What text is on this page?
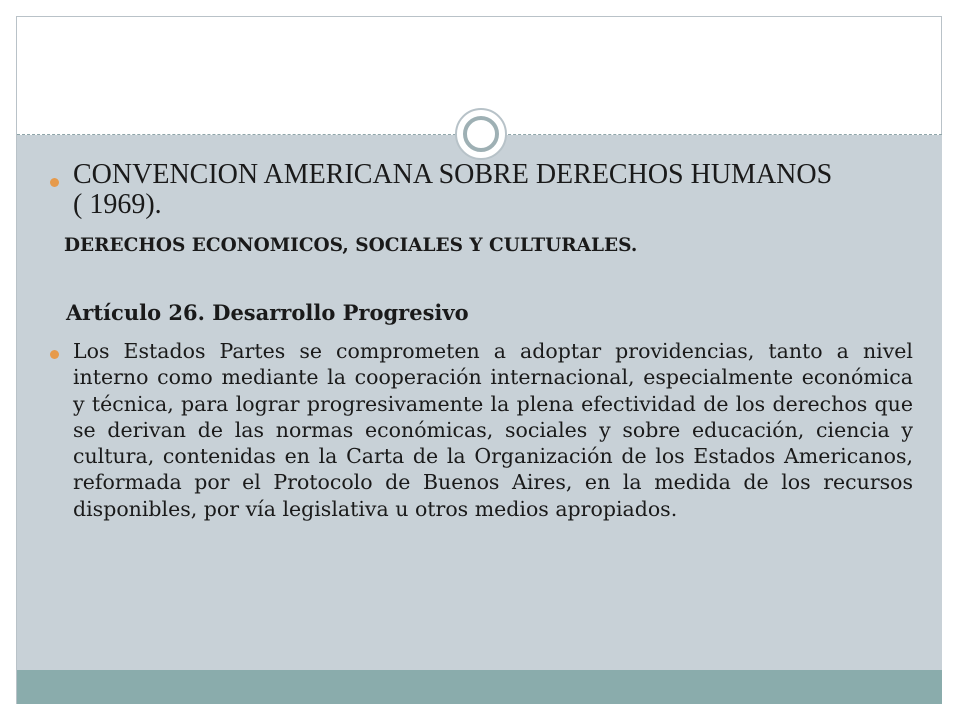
CONVENCION AMERICANA SOBRE DERECHOS HUMANOS ( 1969).
DERECHOS ECONOMICOS, SOCIALES Y CULTURALES.
Artículo 26. Desarrollo Progresivo
Los Estados Partes se comprometen a adoptar providencias, tanto a nivel interno como mediante la cooperación internacional, especialmente económica y técnica, para lograr progresivamente la plena efectividad de los derechos que se derivan de las normas económicas, sociales y sobre educación, ciencia y cultura, contenidas en la Carta de la Organización de los Estados Americanos, reformada por el Protocolo de Buenos Aires, en la medida de los recursos disponibles, por vía legislativa u otros medios apropiados.
